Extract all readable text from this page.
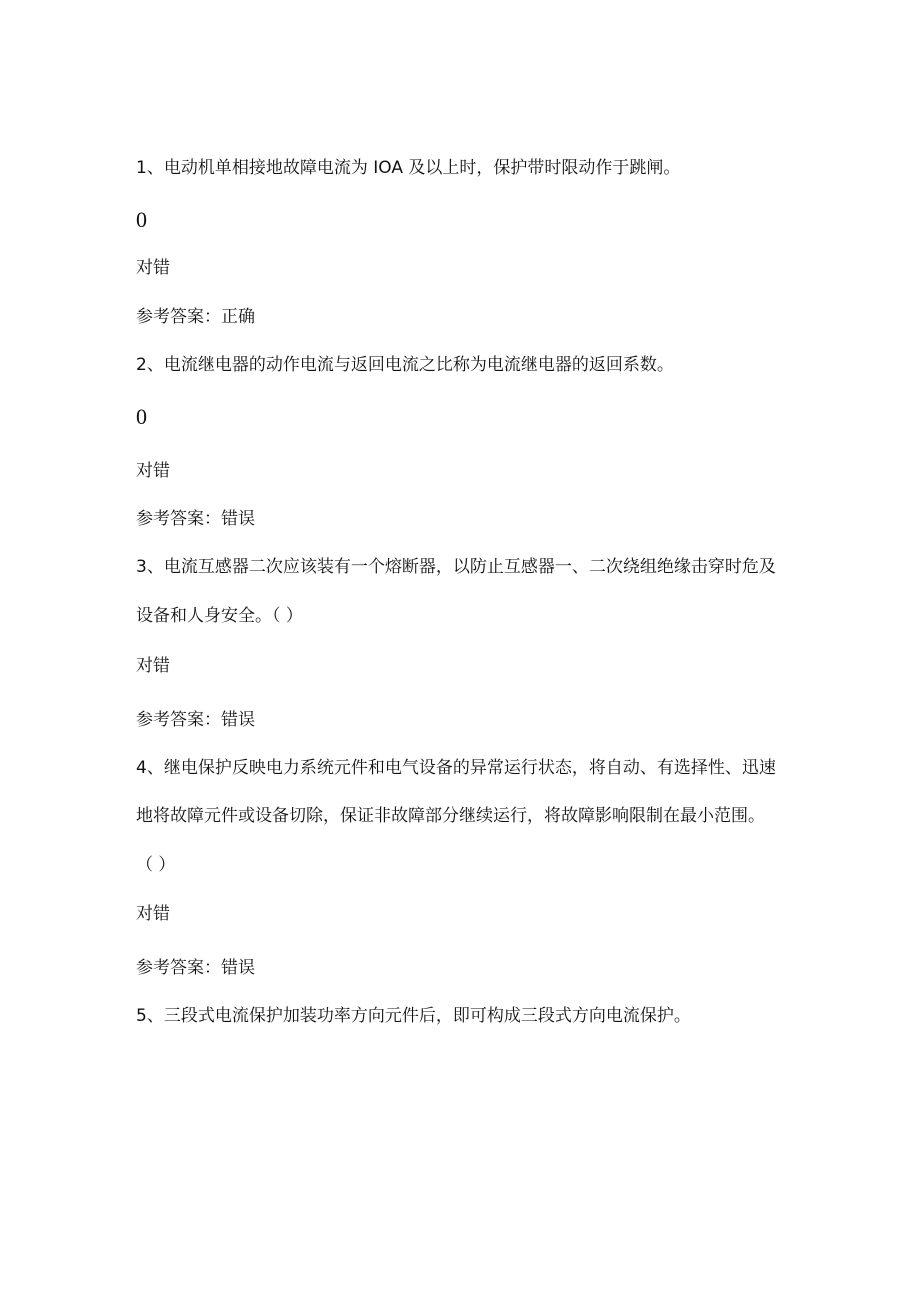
1、电动机单相接地故障电流为 IOA 及以上时，保护带时限动作于跳闸。
0
对错
参考答案：正确
2、电流继电器的动作电流与返回电流之比称为电流继电器的返回系数。
0
对错
参考答案：错误
3、电流互感器二次应该装有一个熔断器，以防止互感器一、二次绕组绝缘击穿时危及
设备和人身安全。（ ）
对错
参考答案：错误
4、继电保护反映电力系统元件和电气设备的异常运行状态，将自动、有选择性、迅速
地将故障元件或设备切除，保证非故障部分继续运行，将故障影响限制在最小范围。
（ ）
对错
参考答案：错误
5、三段式电流保护加装功率方向元件后，即可构成三段式方向电流保护。
